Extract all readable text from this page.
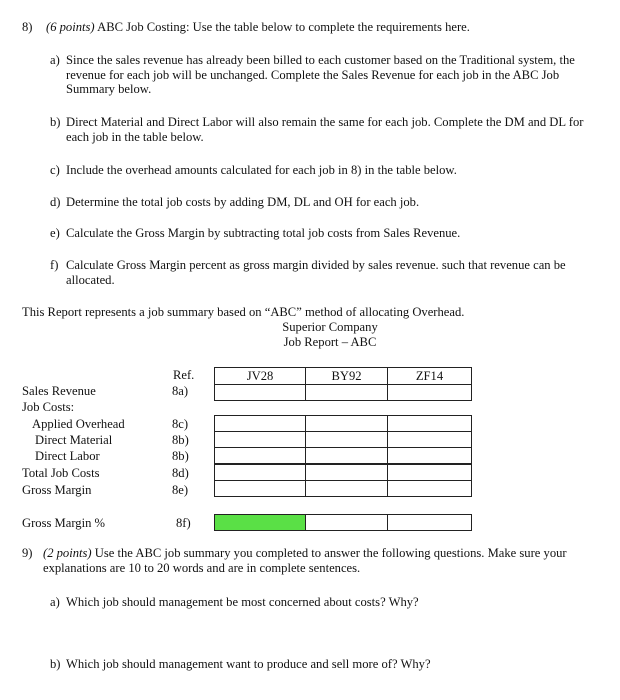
8) (6 points) ABC Job Costing: Use the table below to complete the requirements here.
a) Since the sales revenue has already been billed to each customer based on the Traditional system, the revenue for each job will be unchanged. Complete the Sales Revenue for each job in the ABC Job Summary below.
b) Direct Material and Direct Labor will also remain the same for each job. Complete the DM and DL for each job in the table below.
c) Include the overhead amounts calculated for each job in 8) in the table below.
d) Determine the total job costs by adding DM, DL and OH for each job.
e) Calculate the Gross Margin by subtracting total job costs from Sales Revenue.
f) Calculate Gross Margin percent as gross margin divided by sales revenue. such that revenue can be allocated.
This Report represents a job summary based on “ABC” method of allocating Overhead.
Superior Company
Job Report – ABC
Ref.	JV28	BY92	ZF14
Sales Revenue	8a)
Job Costs:
Applied Overhead	8c)
Direct Material	8b)
Direct Labor	8b)
Total Job Costs	8d)
Gross Margin	8e)
Gross Margin %	8f)
9) (2 points) Use the ABC job summary you completed to answer the following questions. Make sure your explanations are 10 to 20 words and are in complete sentences.
a) Which job should management be most concerned about costs? Why?
b) Which job should management want to produce and sell more of? Why?
